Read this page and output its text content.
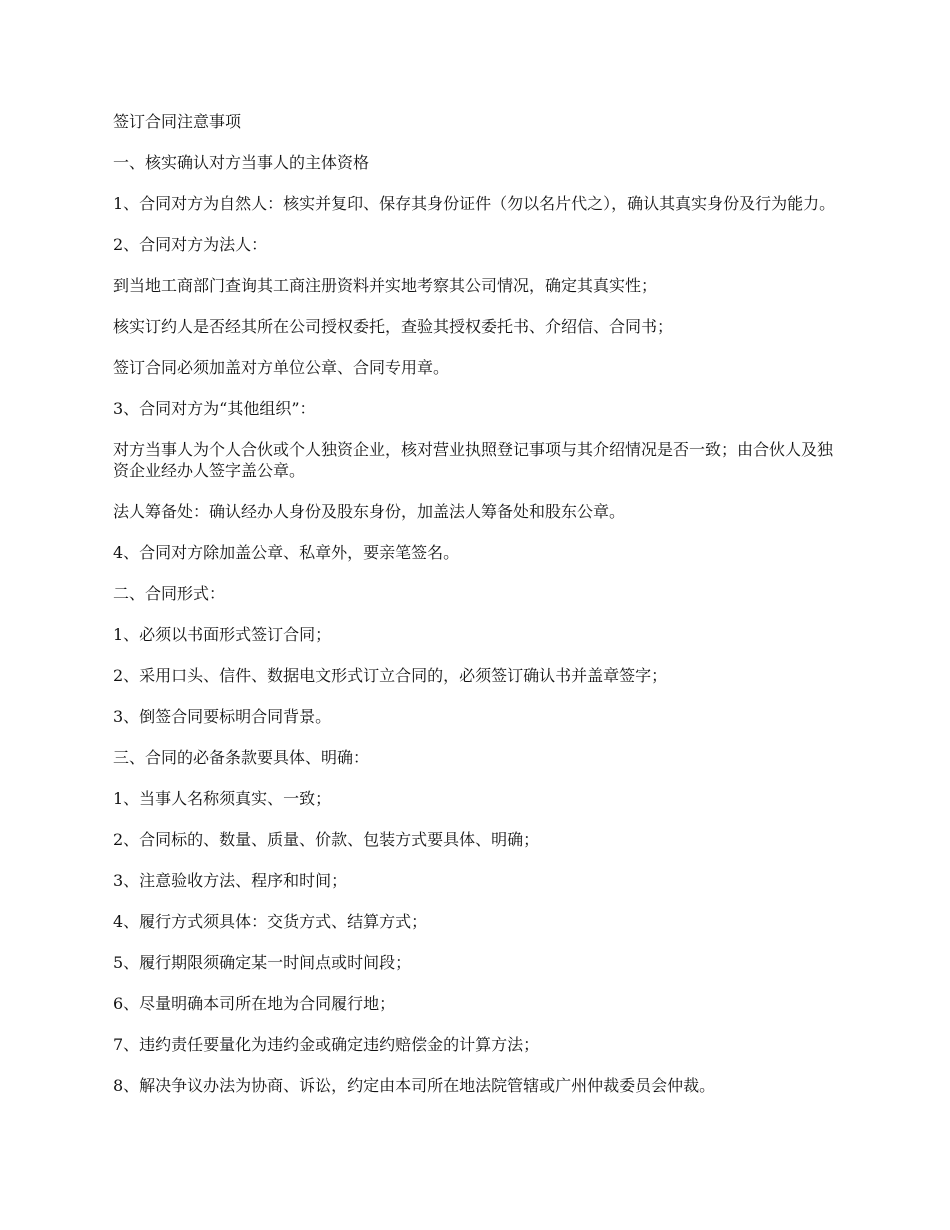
签订合同注意事项

一、核实确认对方当事人的主体资格

1、合同对方为自然人：核实并复印、保存其身份证件（勿以名片代之），确认其真实身份及行为能力。

2、合同对方为法人：

到当地工商部门查询其工商注册资料并实地考察其公司情况，确定其真实性；

核实订约人是否经其所在公司授权委托，查验其授权委托书、介绍信、合同书；

签订合同必须加盖对方单位公章、合同专用章。

3、合同对方为“其他组织”：

对方当事人为个人合伙或个人独资企业，核对营业执照登记事项与其介绍情况是否一致；由合伙人及独资企业经办人签字盖公章。

法人筹备处：确认经办人身份及股东身份，加盖法人筹备处和股东公章。

4、合同对方除加盖公章、私章外，要亲笔签名。

二、合同形式：

1、必须以书面形式签订合同；

2、采用口头、信件、数据电文形式订立合同的，必须签订确认书并盖章签字；

3、倒签合同要标明合同背景。

三、合同的必备条款要具体、明确：

1、当事人名称须真实、一致；

2、合同标的、数量、质量、价款、包装方式要具体、明确；

3、注意验收方法、程序和时间；

4、履行方式须具体：交货方式、结算方式；

5、履行期限须确定某一时间点或时间段；

6、尽量明确本司所在地为合同履行地；

7、违约责任要量化为违约金或确定违约赔偿金的计算方法；

8、解决争议办法为协商、诉讼，约定由本司所在地法院管辖或广州仲裁委员会仲裁。
